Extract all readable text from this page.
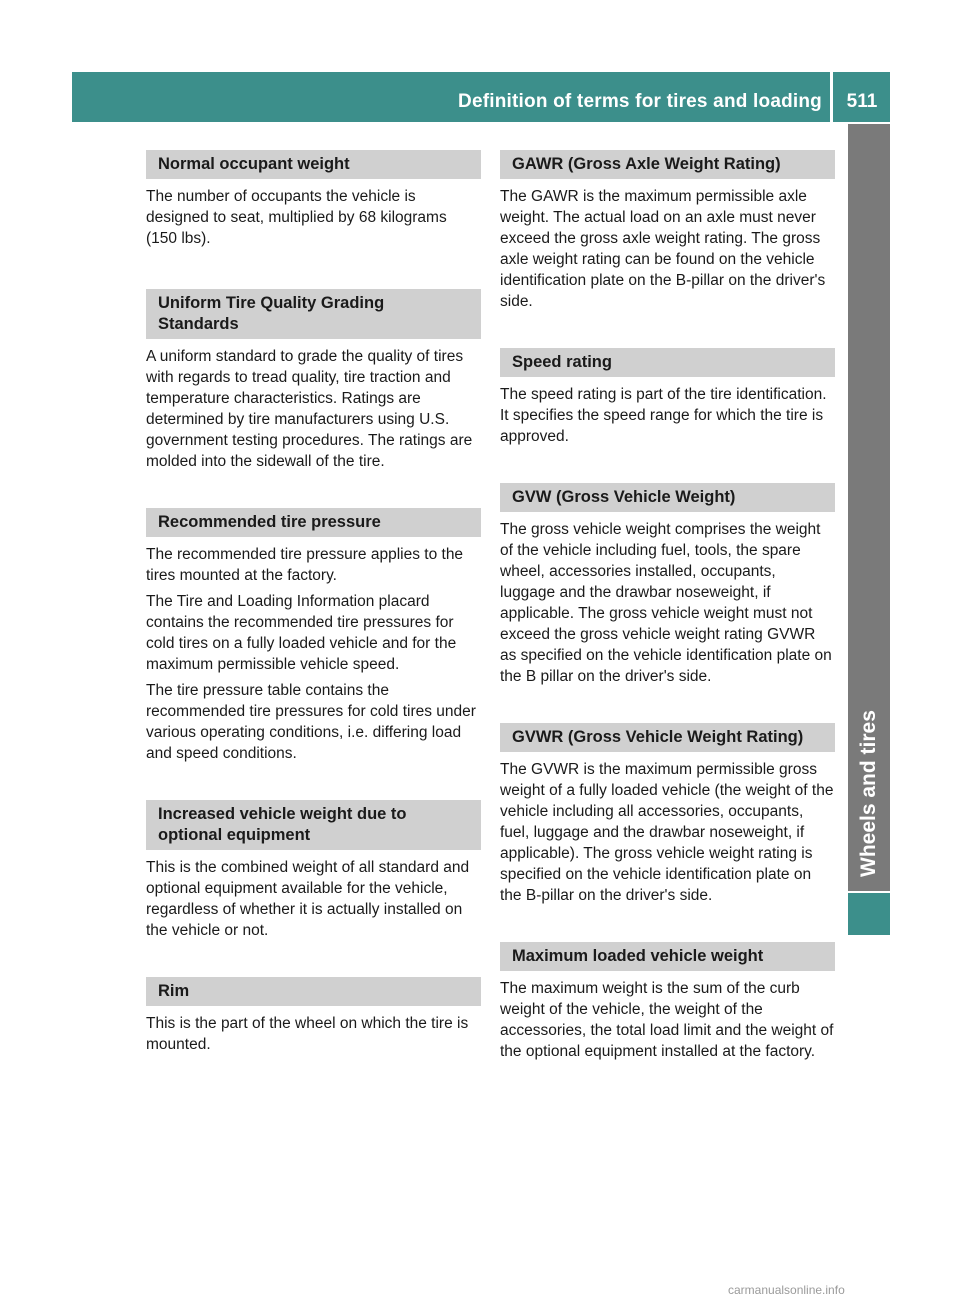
Definition of terms for tires and loading	511
Wheels and tires
Normal occupant weight

The number of occupants the vehicle is designed to seat, multiplied by 68 kilograms (150 lbs).

Uniform Tire Quality Grading Standards

A uniform standard to grade the quality of tires with regards to tread quality, tire traction and temperature characteristics. Ratings are determined by tire manufacturers using U.S. government testing procedures. The ratings are molded into the sidewall of the tire.

Recommended tire pressure

The recommended tire pressure applies to the tires mounted at the factory.

The Tire and Loading Information placard contains the recommended tire pressures for cold tires on a fully loaded vehicle and for the maximum permissible vehicle speed.

The tire pressure table contains the recommended tire pressures for cold tires under various operating conditions, i.e. differing load and speed conditions.

Increased vehicle weight due to optional equipment

This is the combined weight of all standard and optional equipment available for the vehicle, regardless of whether it is actually installed on the vehicle or not.

Rim

This is the part of the wheel on which the tire is mounted.

GAWR (Gross Axle Weight Rating)

The GAWR is the maximum permissible axle weight. The actual load on an axle must never exceed the gross axle weight rating. The gross axle weight rating can be found on the vehicle identification plate on the B-pillar on the driver's side.

Speed rating

The speed rating is part of the tire identification. It specifies the speed range for which the tire is approved.

GVW (Gross Vehicle Weight)

The gross vehicle weight comprises the weight of the vehicle including fuel, tools, the spare wheel, accessories installed, occupants, luggage and the drawbar noseweight, if applicable. The gross vehicle weight must not exceed the gross vehicle weight rating GVWR as specified on the vehicle identification plate on the B pillar on the driver's side.

GVWR (Gross Vehicle Weight Rating)

The GVWR is the maximum permissible gross weight of a fully loaded vehicle (the weight of the vehicle including all accessories, occupants, fuel, luggage and the drawbar noseweight, if applicable). The gross vehicle weight rating is specified on the vehicle identification plate on the B-pillar on the driver's side.

Maximum loaded vehicle weight

The maximum weight is the sum of the curb weight of the vehicle, the weight of the accessories, the total load limit and the weight of the optional equipment installed at the factory.

carmanualsonline.info
